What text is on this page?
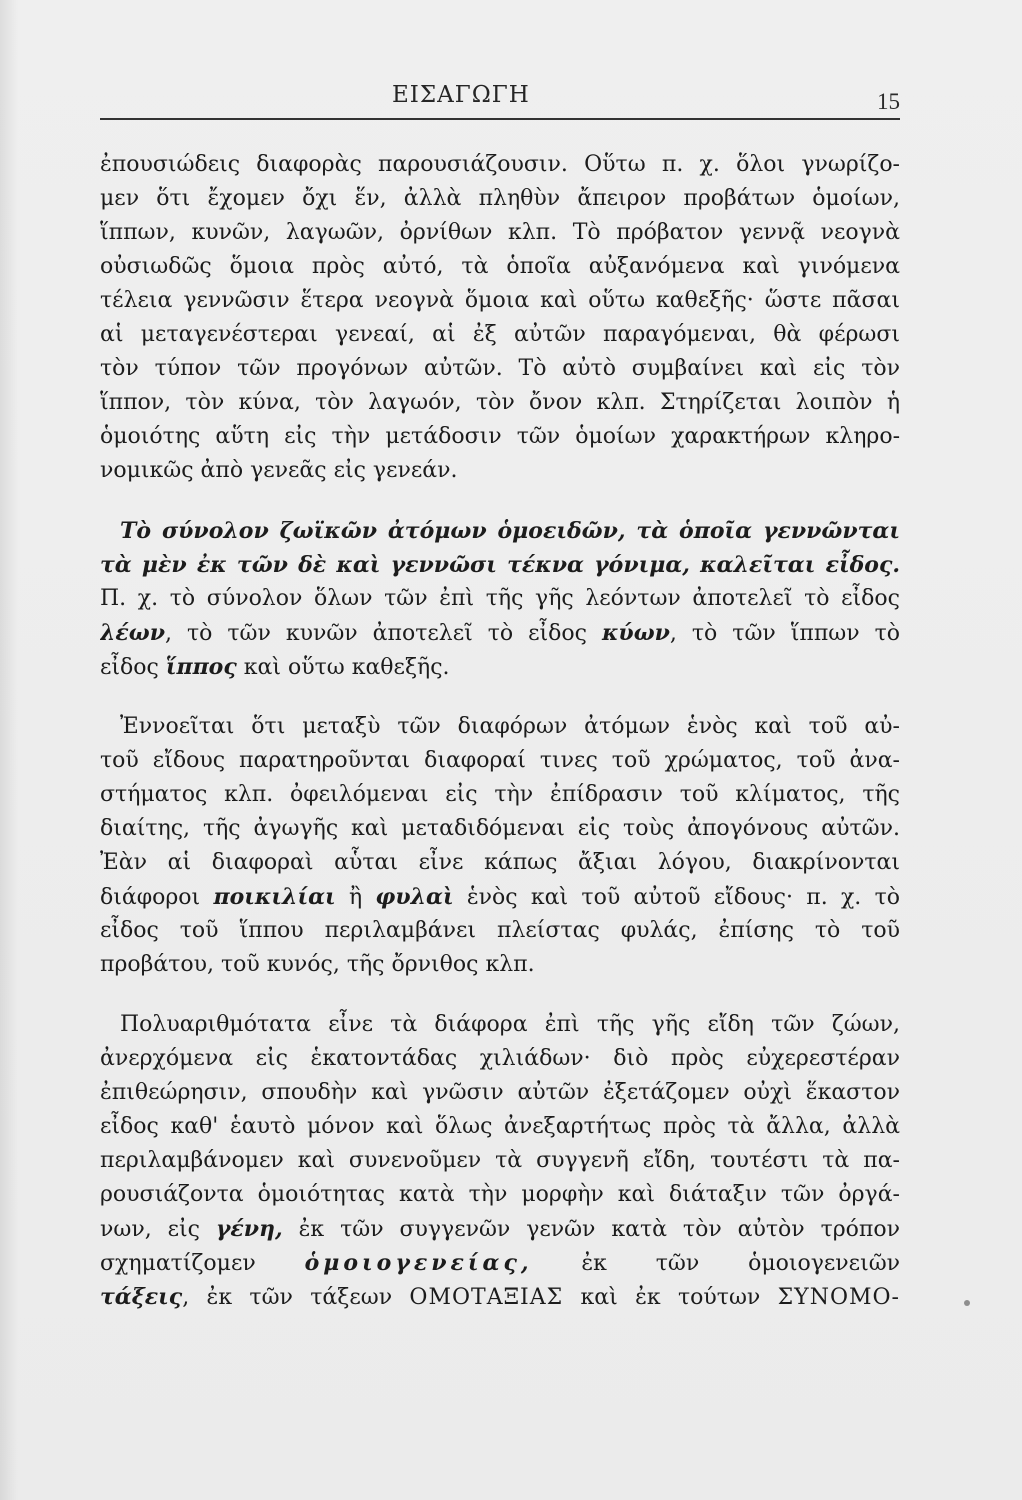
ΕΙΣΑΓΩΓΗ	15
ἐπουσιώδεις διαφορὰς παρουσιάζουσιν. Οὕτω π. χ. ὅλοι γνωρίζο-
μεν ὅτι ἔχομεν ὄχι ἕν, ἀλλὰ πληθὺν ἄπειρον προβάτων ὁμοίων,
ἵππων, κυνῶν, λαγωῶν, ὀρνίθων κλπ. Τὸ πρόβατον γεννᾷ νεογνὰ
οὐσιωδῶς ὅμοια πρὸς αὐτό, τὰ ὁποῖα αὐξανόμενα καὶ γινόμενα
τέλεια γεννῶσιν ἕτερα νεογνὰ ὅμοια καὶ οὕτω καθεξῆς· ὥστε πᾶσαι
αἱ μεταγενέστεραι γενεαί, αἱ ἐξ αὐτῶν παραγόμεναι, θὰ φέρωσι
τὸν τύπον τῶν προγόνων αὐτῶν. Τὸ αὐτὸ συμβαίνει καὶ εἰς τὸν
ἵππον, τὸν κύνα, τὸν λαγωόν, τὸν ὄνον κλπ. Στηρίζεται λοιπὸν ἡ
ὁμοιότης αὕτη εἰς τὴν μετάδοσιν τῶν ὁμοίων χαρακτήρων κληρο-
νομικῶς ἀπὸ γενεᾶς εἰς γενεάν.
Τὸ σύνολον ζωϊκῶν ἀτόμων ὁμοειδῶν, τὰ ὁποῖα γεννῶνται
τὰ μὲν ἐκ τῶν δὲ καὶ γεννῶσι τέκνα γόνιμα, καλεῖται εἶδος.
Π. χ. τὸ σύνολον ὅλων τῶν ἐπὶ τῆς γῆς λεόντων ἀποτελεῖ τὸ εἶδος
λέων, τὸ τῶν κυνῶν ἀποτελεῖ τὸ εἶδος κύων, τὸ τῶν ἵππων τὸ
εἶδος ἵππος καὶ οὕτω καθεξῆς.
Ἐννοεῖται ὅτι μεταξὺ τῶν διαφόρων ἀτόμων ἑνὸς καὶ τοῦ αὐ-
τοῦ εἴδους παρατηροῦνται διαφοραί τινες τοῦ χρώματος, τοῦ ἀνα-
στήματος κλπ. ὀφειλόμεναι εἰς τὴν ἐπίδρασιν τοῦ κλίματος, τῆς
διαίτης, τῆς ἀγωγῆς καὶ μεταδιδόμεναι εἰς τοὺς ἀπογόνους αὐτῶν.
Ἐὰν αἱ διαφοραὶ αὗται εἶνε κάπως ἄξιαι λόγου, διακρίνονται
διάφοροι ποικιλίαι ἢ φυλαὶ ἑνὸς καὶ τοῦ αὐτοῦ εἴδους· π. χ. τὸ
εἶδος τοῦ ἵππου περιλαμβάνει πλείστας φυλάς, ἐπίσης τὸ τοῦ
προβάτου, τοῦ κυνός, τῆς ὄρνιθος κλπ.
Πολυαριθμότατα εἶνε τὰ διάφορα ἐπὶ τῆς γῆς εἴδη τῶν ζώων,
ἀνερχόμενα εἰς ἑκατοντάδας χιλιάδων· διὸ πρὸς εὐχερεστέραν
ἐπιθεώρησιν, σπουδὴν καὶ γνῶσιν αὐτῶν ἐξετάζομεν οὐχὶ ἕκαστον
εἶδος καθ' ἑαυτὸ μόνον καὶ ὅλως ἀνεξαρτήτως πρὸς τὰ ἄλλα, ἀλλὰ
περιλαμβάνομεν καὶ συνενοῦμεν τὰ συγγενῆ εἴδη, τουτέστι τὰ πα-
ρουσιάζοντα ὁμοιότητας κατὰ τὴν μορφὴν καὶ διάταξιν τῶν ὀργά-
νων, εἰς γένη, ἐκ τῶν συγγενῶν γενῶν κατὰ τὸν αὐτὸν τρόπον
σχηματίζομεν ὁμοιογενείας, ἐκ τῶν ὁμοιογενειῶν
τάξεις, ἐκ τῶν τάξεων ΟΜΟΤΑΞΙΑΣ καὶ ἐκ τούτων ΣΥΝΟΜΟ-
